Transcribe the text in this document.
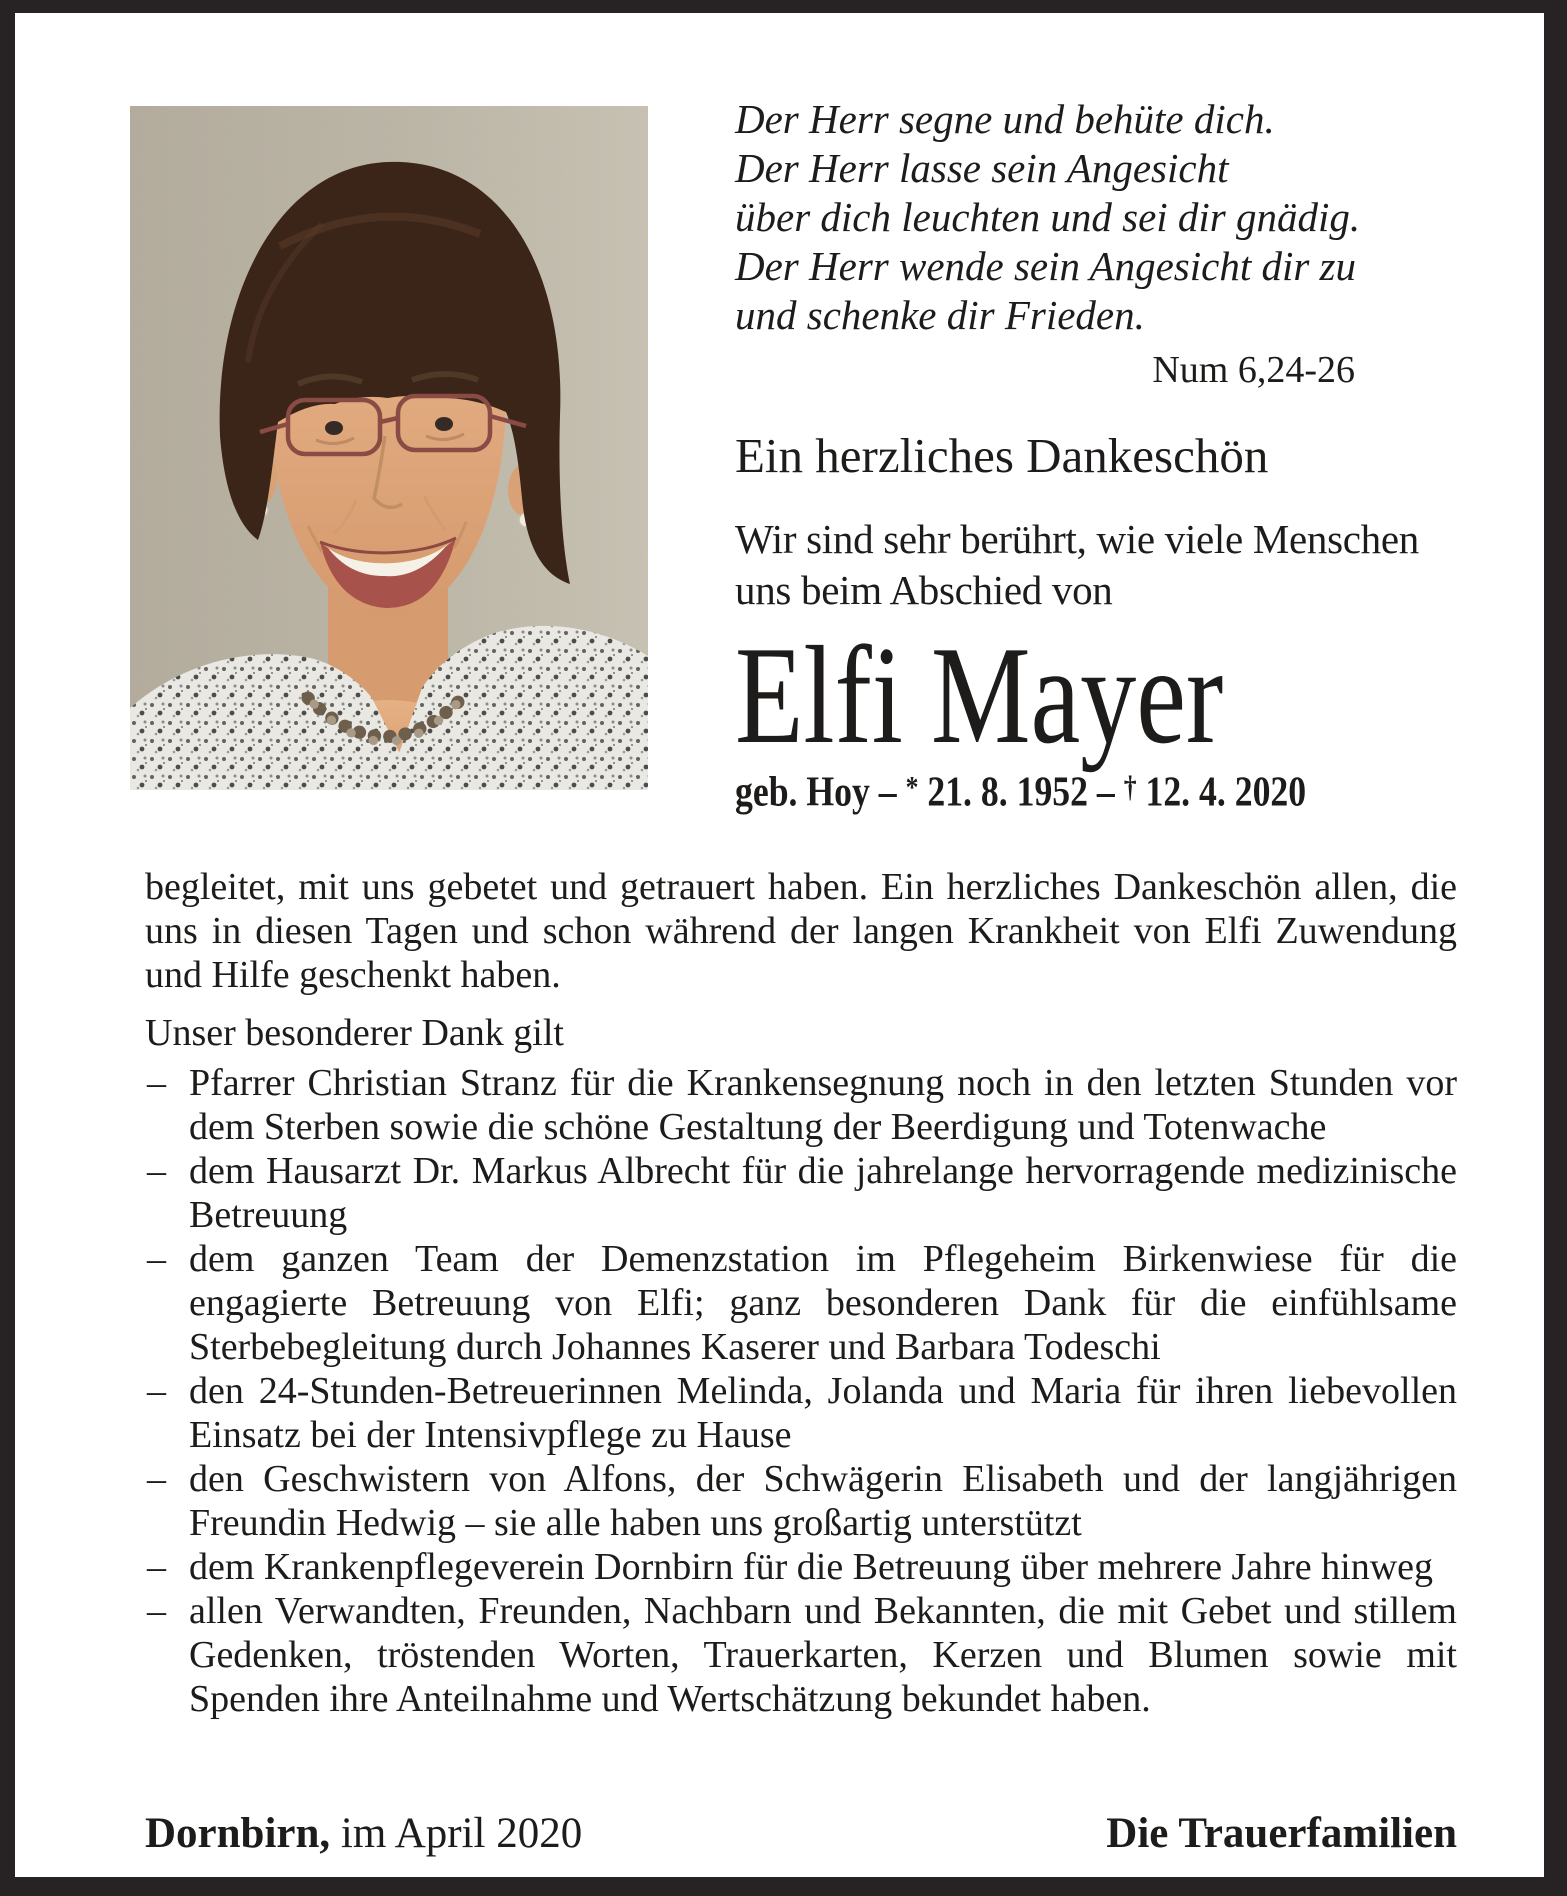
Der Herr segne und behüte dich.
Der Herr lasse sein Angesicht
über dich leuchten und sei dir gnädig.
Der Herr wende sein Angesicht dir zu
und schenke dir Frieden.
Num 6,24-26
Ein herzliches Dankeschön
Wir sind sehr berührt, wie viele Menschen
uns beim Abschied von
Elfi Mayer
geb. Hoy – * 21. 8. 1952 – † 12. 4. 2020
begleitet, mit uns gebetet und getrauert haben. Ein herzliches Dankeschön allen, die uns in diesen Tagen und schon während der langen Krankheit von Elfi Zuwendung und Hilfe geschenkt haben.
Unser besonderer Dank gilt
– Pfarrer Christian Stranz für die Krankensegnung noch in den letzten Stunden vor dem Sterben sowie die schöne Gestaltung der Beerdigung und Totenwache
– dem Hausarzt Dr. Markus Albrecht für die jahrelange hervorragende medizinische Betreuung
– dem ganzen Team der Demenzstation im Pflegeheim Birkenwiese für die engagierte Betreuung von Elfi; ganz besonderen Dank für die einfühlsame Sterbebegleitung durch Johannes Kaserer und Barbara Todeschi
– den 24-Stunden-Betreuerinnen Melinda, Jolanda und Maria für ihren liebevollen Einsatz bei der Intensivpflege zu Hause
– den Geschwistern von Alfons, der Schwägerin Elisabeth und der langjährigen Freundin Hedwig – sie alle haben uns großartig unterstützt
– dem Krankenpflegeverein Dornbirn für die Betreuung über mehrere Jahre hinweg
– allen Verwandten, Freunden, Nachbarn und Bekannten, die mit Gebet und stillem Gedenken, tröstenden Worten, Trauerkarten, Kerzen und Blumen sowie mit Spenden ihre Anteilnahme und Wertschätzung bekundet haben.
Dornbirn, im April 2020	Die Trauerfamilien
